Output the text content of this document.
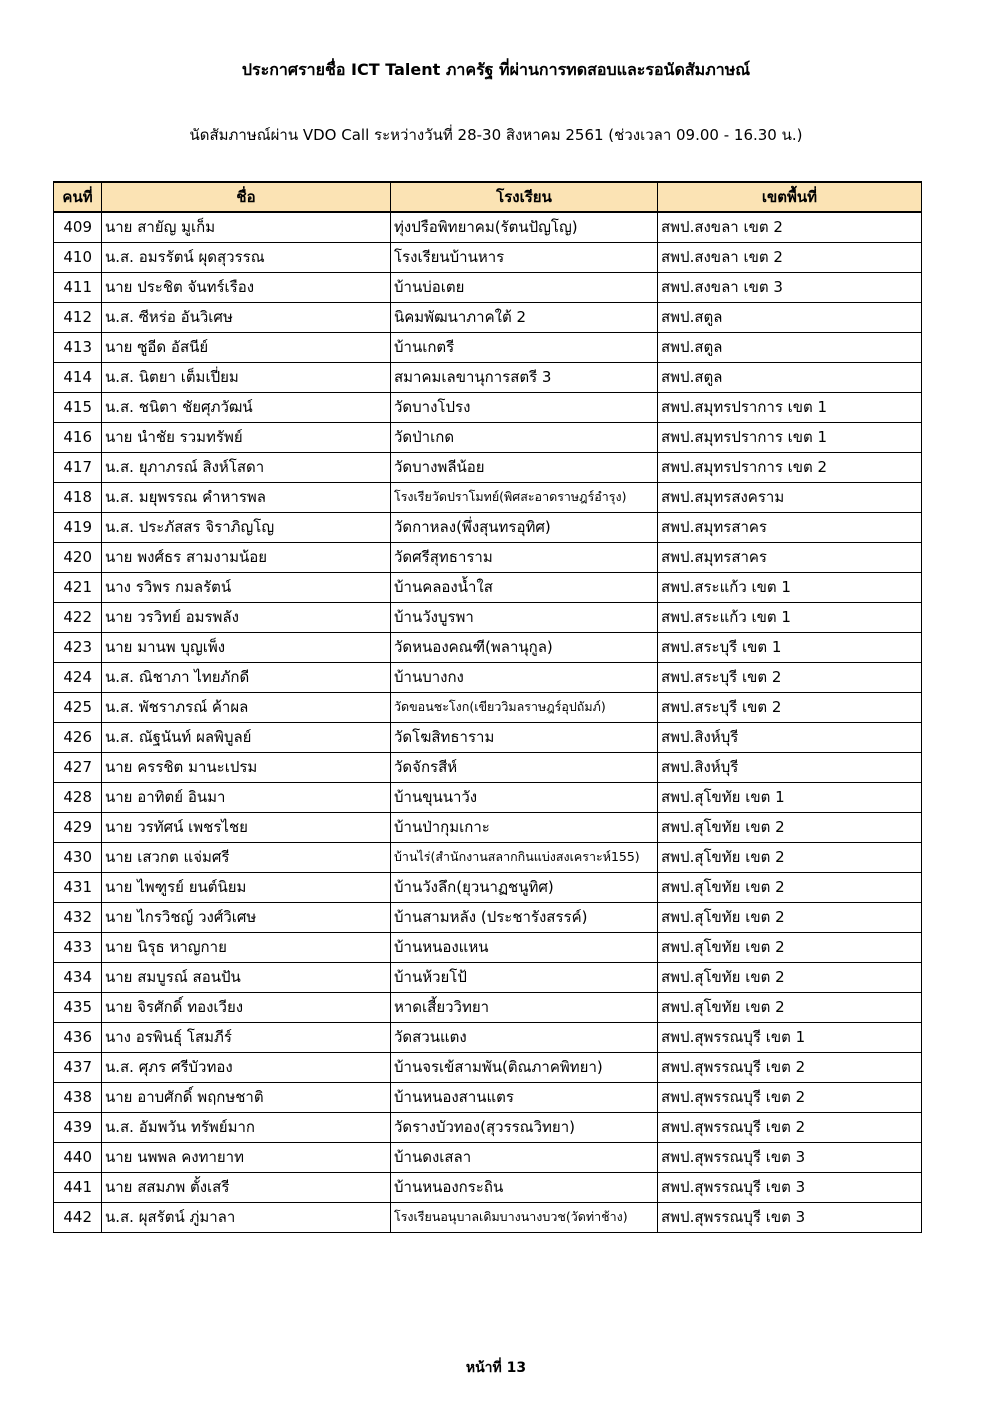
ประกาศรายชื่อ ICT Talent ภาครัฐ ที่ผ่านการทดสอบและรอนัดสัมภาษณ์
นัดสัมภาษณ์ผ่าน VDO Call ระหว่างวันที่ 28-30 สิงหาคม 2561 (ช่วงเวลา 09.00 - 16.30 น.)
คนที่	ชื่อ	โรงเรียน	เขตพื้นที่
409	นาย สายัญ มูเก็ม	ทุ่งปรือพิทยาคม(รัตนปัญโญ)	สพป.สงขลา เขต 2
410	น.ส. อมรรัตน์ ผุดสุวรรณ	โรงเรียนบ้านหาร	สพป.สงขลา เขต 2
411	นาย ประชิต จันทร์เรือง	บ้านบ่อเตย	สพป.สงขลา เขต 3
412	น.ส. ซีหร่อ อันวิเศษ	นิคมพัฒนาภาคใต้ 2	สพป.สตูล
413	นาย ซูอีด อัสนีย์	บ้านเกตรี	สพป.สตูล
414	น.ส. นิตยา เต็มเปี่ยม	สมาคมเลขานุการสตรี 3	สพป.สตูล
415	น.ส. ชนิตา ชัยศุภวัฒน์	วัดบางโปรง	สพป.สมุทรปราการ เขต 1
416	นาย นำชัย รวมทรัพย์	วัดป่าเกด	สพป.สมุทรปราการ เขต 1
417	น.ส. ยุภาภรณ์ สิงห์โสดา	วัดบางพลีน้อย	สพป.สมุทรปราการ เขต 2
418	น.ส. มยุพรรณ คำหารพล	โรงเรียวัดปราโมทย์(พิศสะอาดราษฎร์อำรุง)	สพป.สมุทรสงคราม
419	น.ส. ประภัสสร จิราภิญโญ	วัดกาหลง(พึ่งสุนทรอุทิศ)	สพป.สมุทรสาคร
420	นาย พงศ์ธร สามงามน้อย	วัดศรีสุทธาราม	สพป.สมุทรสาคร
421	นาง รวิพร กมลรัตน์	บ้านคลองน้ำใส	สพป.สระแก้ว เขต 1
422	นาย วรวิทย์ อมรพลัง	บ้านวังบูรพา	สพป.สระแก้ว เขต 1
423	นาย มานพ บุญเพ็ง	วัดหนองคณฑี(พลานุกูล)	สพป.สระบุรี เขต 1
424	น.ส. ณิชาภา ไทยภักดี	บ้านบางกง	สพป.สระบุรี เขต 2
425	น.ส. พัชราภรณ์ ค้าผล	วัดขอนชะโงก(เขียววิมลราษฎร์อุปถัมภ์)	สพป.สระบุรี เขต 2
426	น.ส. ณัฐนันท์ ผลพิบูลย์	วัดโฆสิทธาราม	สพป.สิงห์บุรี
427	นาย ครรชิต มานะเปรม	วัดจักรสีห์	สพป.สิงห์บุรี
428	นาย อาทิตย์ อินมา	บ้านขุนนาวัง	สพป.สุโขทัย เขต 1
429	นาย วรทัศน์ เพชรไชย	บ้านป่ากุมเกาะ	สพป.สุโขทัย เขต 2
430	นาย เสวกต แจ่มศรี	บ้านไร่(สำนักงานสลากกินแบ่งสงเคราะห์155)	สพป.สุโขทัย เขต 2
431	นาย ไพฑูรย์ ยนต์นิยม	บ้านวังลึก(ยุวนาฏชนูทิศ)	สพป.สุโขทัย เขต 2
432	นาย ไกรวิชญ์ วงศ์วิเศษ	บ้านสามหลัง (ประชารังสรรค์)	สพป.สุโขทัย เขต 2
433	นาย นิรุธ หาญกาย	บ้านหนองแหน	สพป.สุโขทัย เขต 2
434	นาย สมบูรณ์ สอนปัน	บ้านห้วยโป้	สพป.สุโขทัย เขต 2
435	นาย จิรศักดิ์ ทองเวียง	หาดเสี้ยววิทยา	สพป.สุโขทัย เขต 2
436	นาง อรพินธุ์ โสมภีร์	วัดสวนแตง	สพป.สุพรรณบุรี เขต 1
437	น.ส. ศุภร ศรีบัวทอง	บ้านจรเข้สามพัน(ติณภาคพิทยา)	สพป.สุพรรณบุรี เขต 2
438	นาย อาบศักดิ์ พฤกษชาติ	บ้านหนองสานแตร	สพป.สุพรรณบุรี เขต 2
439	น.ส. อัมพวัน ทรัพย์มาก	วัดรางบัวทอง(สุวรรณวิทยา)	สพป.สุพรรณบุรี เขต 2
440	นาย นพพล คงทายาท	บ้านดงเสลา	สพป.สุพรรณบุรี เขต 3
441	นาย สสมภพ ตั้งเสรี	บ้านหนองกระถิน	สพป.สุพรรณบุรี เขต 3
442	น.ส. ผุสรัตน์ ภู่มาลา	โรงเรียนอนุบาลเดิมบางนางบวช(วัดท่าช้าง)	สพป.สุพรรณบุรี เขต 3
หน้าที่ 13
